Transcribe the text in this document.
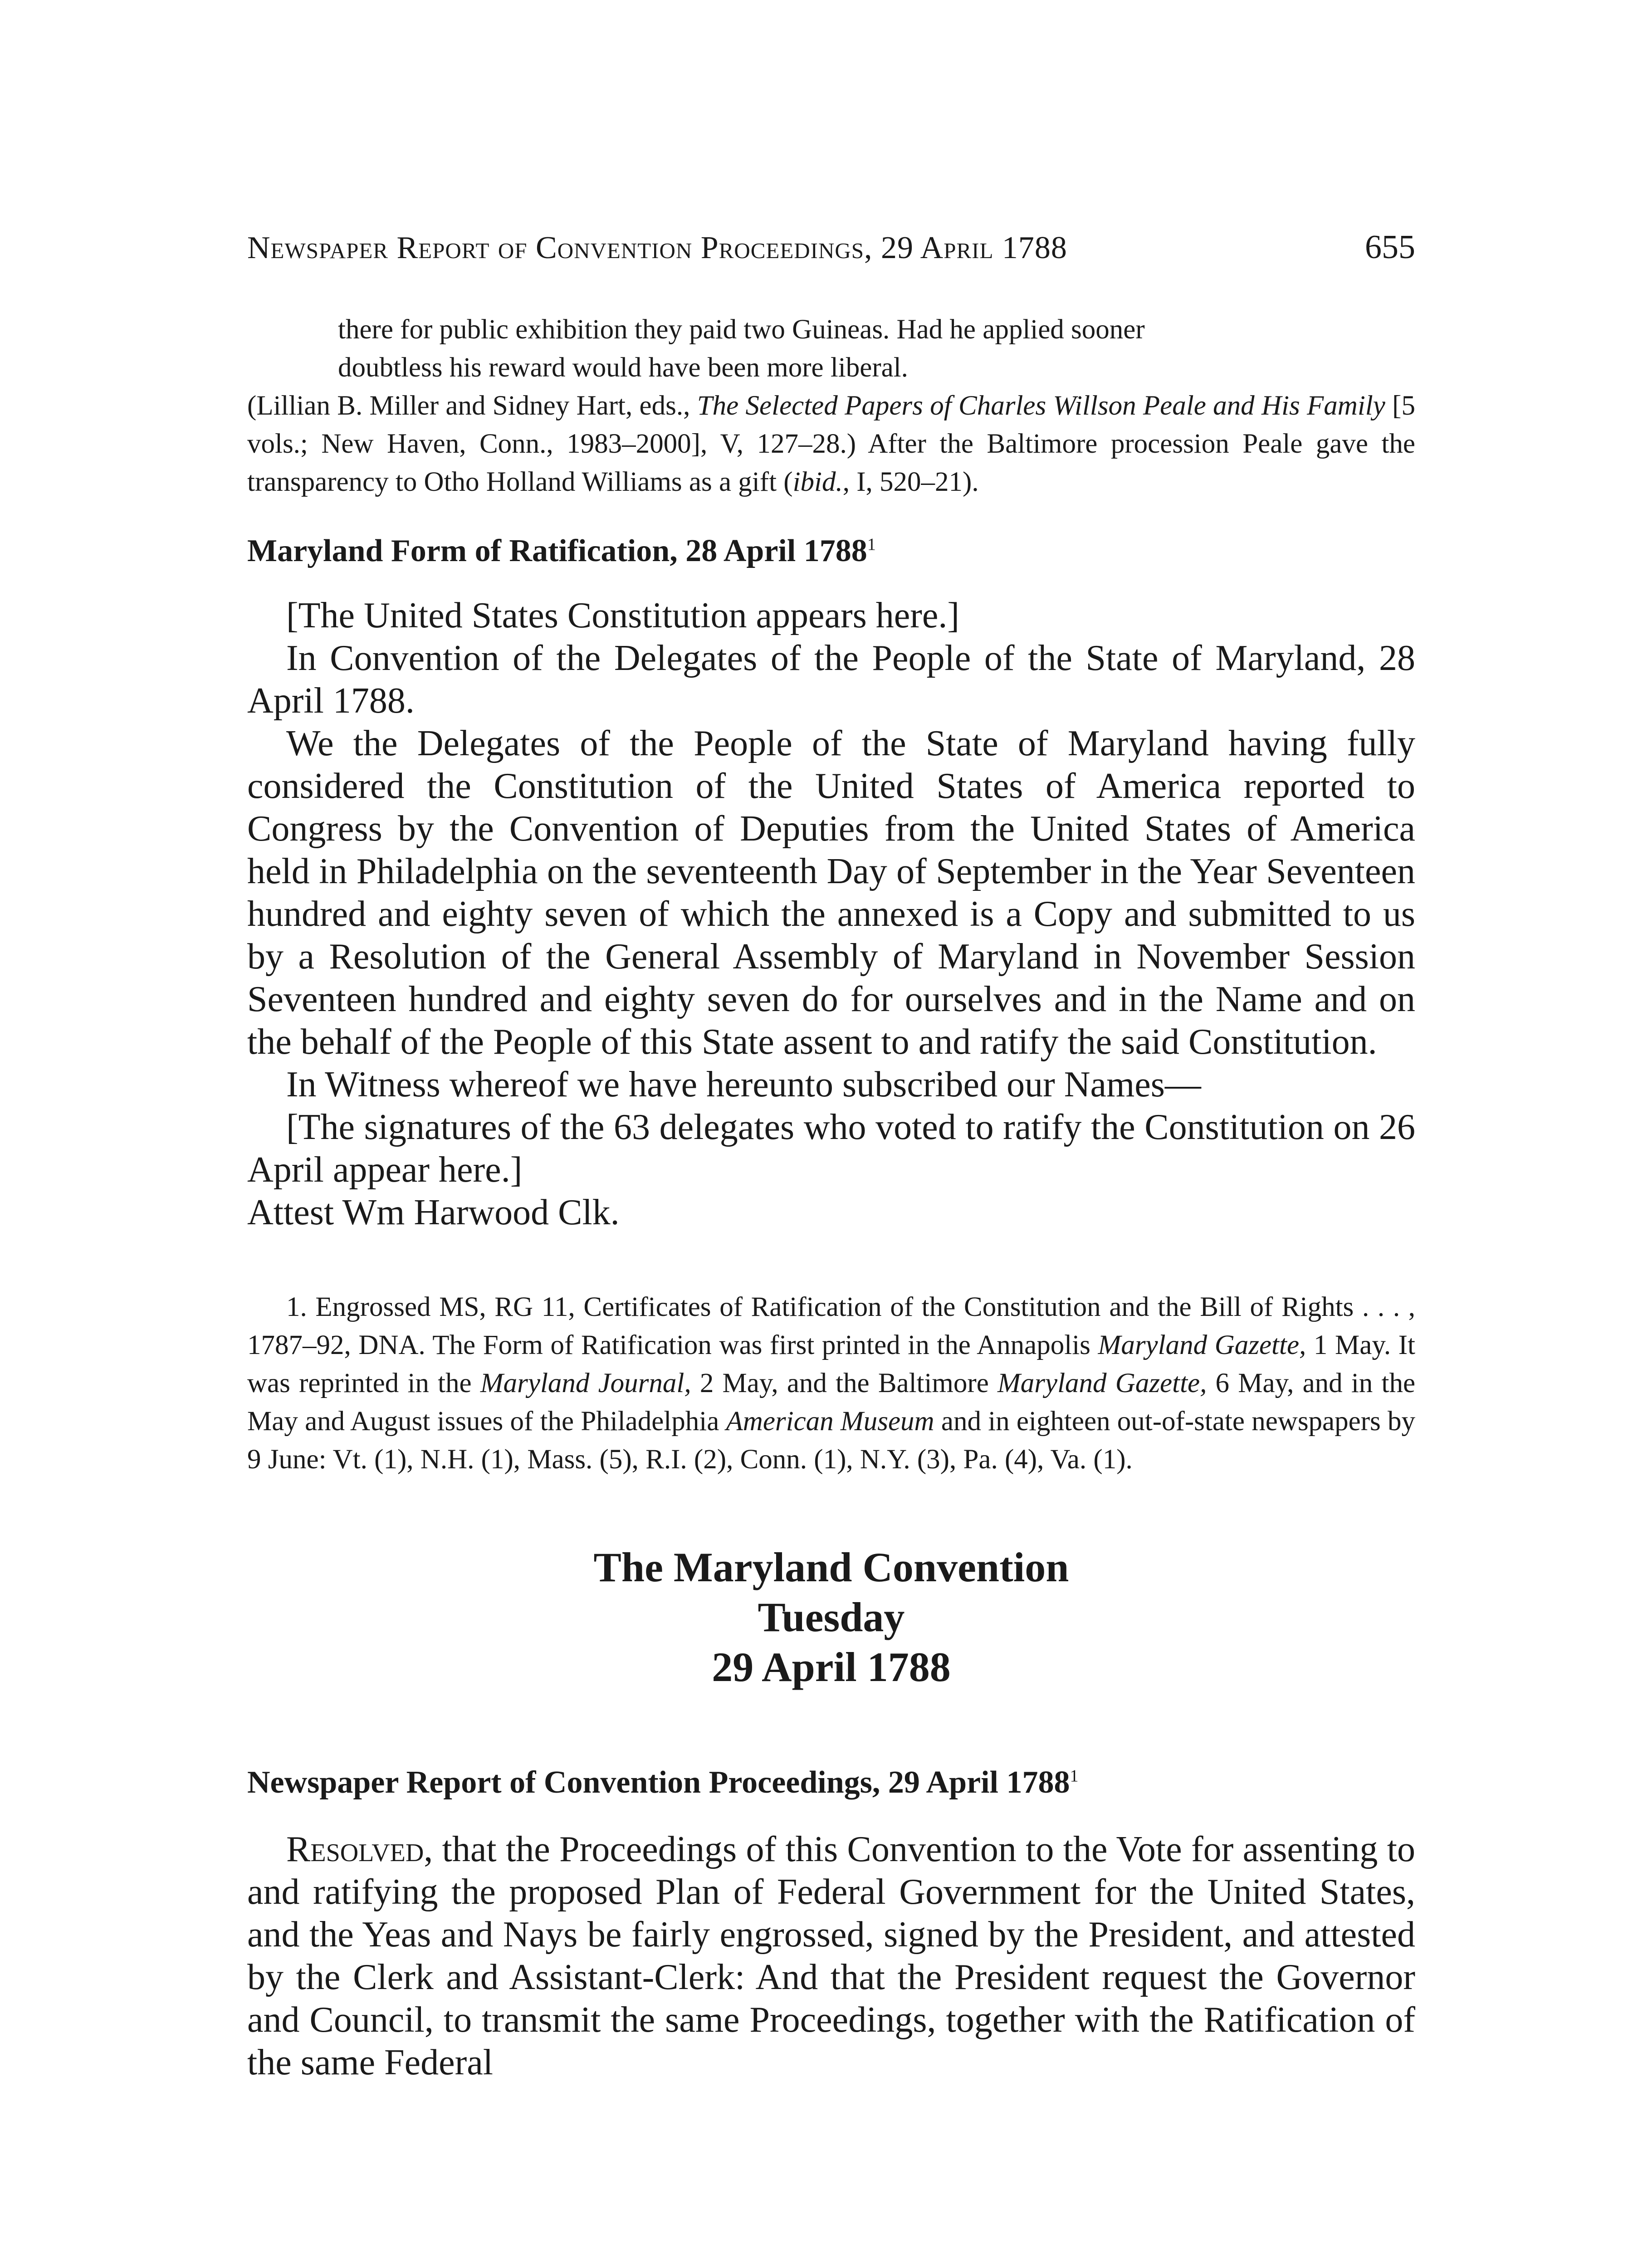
Newspaper Report of Convention Proceedings, 29 April 1788	655
there for public exhibition they paid two Guineas. Had he applied sooner
doubtless his reward would have been more liberal.
(Lillian B. Miller and Sidney Hart, eds., The Selected Papers of Charles Willson Peale and His Family [5 vols.; New Haven, Conn., 1983–2000], V, 127–28.) After the Baltimore procession Peale gave the transparency to Otho Holland Williams as a gift (ibid., I, 520–21).
Maryland Form of Ratification, 28 April 1788$^1$

[The United States Constitution appears here.]

In Convention of the Delegates of the People of the State of Maryland, 28 April 1788.

We the Delegates of the People of the State of Maryland having fully considered the Constitution of the United States of America reported to Congress by the Convention of Deputies from the United States of America held in Philadelphia on the seventeenth Day of September in the Year Seventeen hundred and eighty seven of which the annexed is a Copy and submitted to us by a Resolution of the General Assembly of Maryland in November Session Seventeen hundred and eighty seven do for ourselves and in the Name and on the behalf of the People of this State assent to and ratify the said Constitution.

In Witness whereof we have hereunto subscribed our Names—

[The signatures of the 63 delegates who voted to ratify the Constitution on 26 April appear here.]

Attest Wm Harwood Clk.

1. Engrossed MS, RG 11, Certificates of Ratification of the Constitution and the Bill of Rights . . . , 1787–92, DNA. The Form of Ratification was first printed in the Annapolis Maryland Gazette, 1 May. It was reprinted in the Maryland Journal, 2 May, and the Baltimore Maryland Gazette, 6 May, and in the May and August issues of the Philadelphia American Museum and in eighteen out-of-state newspapers by 9 June: Vt. (1), N.H. (1), Mass. (5), R.I. (2), Conn. (1), N.Y. (3), Pa. (4), Va. (1).

The Maryland Convention
Tuesday
29 April 1788
Newspaper Report of Convention Proceedings, 29 April 1788$^1$

Resolved, that the Proceedings of this Convention to the Vote for assenting to and ratifying the proposed Plan of Federal Government for the United States, and the Yeas and Nays be fairly engrossed, signed by the President, and attested by the Clerk and Assistant-Clerk: And that the President request the Governor and Council, to transmit the same Proceedings, together with the Ratification of the same Federal
